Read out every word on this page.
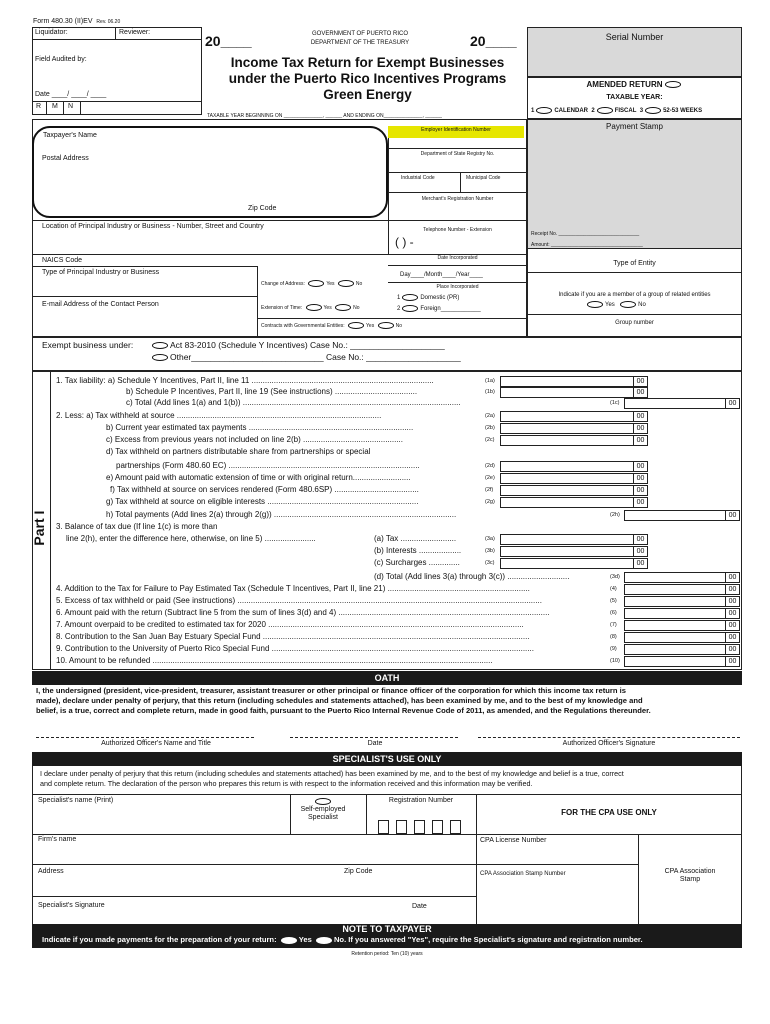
Form 480.30 (II)EV Rev. 06.20
Liquidator:	Reviewer:
Field Audited by:
Date ____/ ____/ ____
R M N
20____	GOVERNMENT OF PUERTO RICO
DEPARTMENT OF THE TREASURY	20____
Income Tax Return for Exempt Businesses
under the Puerto Rico Incentives Programs
Green Energy
TAXABLE YEAR BEGINNING ON ______________, ______ AND ENDING ON______________, ______
Serial Number
AMENDED RETURN
TAXABLE YEAR:
1	CALENDAR 2	FISCAL 3	52-53 WEEKS
Payment Stamp
Receipt No. _____________________________
Amount: _________________________________
Taxpayer's Name
Postal Address
Zip Code
Employer Identification Number
Department of State Registry No.
Industrial Code	Municipal Code
Merchant's Registration Number
Location of Principal Industry or Business - Number, Street and Country	Telephone Number - Extension
( ) -
NAICS Code	Date Incorporated
Day____/Month____/Year____
Type of Entity
Type of Principal Industry or Business
Change of Address:	Yes	No
Place Incorporated
1	Domestic (PR)
2	Foreign____________
Indicate if you are a member of a group of related entities
Yes	No
E-mail Address of the Contact Person	Extension of Time:	Yes	No
Contracts with Governmental Entities:	Yes	No	Group number
Exempt business under:	Act 83-2010 (Schedule Y Incentives) Case No.: ____________________
Other____________________________ Case No.: ____________________
Part I
1. Tax liability: a) Schedule Y Incentives, Part II, line 11 ..................................................................................	(1a)	00
b) Schedule P Incentives, Part II, line 19 (See instructions) .....................................	(1b)	00
c) Total (Add lines 1(a) and 1(b)) ..................................................................................................	(1c)	00
2. Less: a) Tax withheld at source ............................................................................................	(2a)	00
b) Current year estimated tax payments ..........................................................................	(2b)	00
c) Excess from previous years not included on line 2(b) .............................................	(2c)	00
d) Tax withheld on partners distributable share from partnerships or special
partnerships (Form 480.60 EC) ......................................................................................	(2d)	00
e) Amount paid with automatic extension of time or with original return..........................	(2e)	00
f) Tax withheld at source on services rendered (Form 480.6SP) ......................................	(2f)	00
g) Tax withheld at source on eligible interests ....................................................................	(2g)	00
h) Total payments (Add lines 2(a) through 2(g)) ..................................................................................	(2h)	00
3. Balance of tax due (If line 1(c) is more than
line 2(h), enter the difference here, otherwise, on line 5) .......................	(a) Tax .........................	(3a)	00
(b) Interests ...................	(3b)	00
(c) Surcharges ..............	(3c)	00
(d) Total (Add lines 3(a) through 3(c)) ............................	(3d)	00
4. Addition to the Tax for Failure to Pay Estimated Tax (Schedule T Incentives, Part II, line 21) ................................................................	(4)	00
5. Excess of tax withheld or paid (See instructions) .........................................................................................................................................	(5)	00
6. Amount paid with the return (Subtract line 5 from the sum of lines 3(d) and 4) ...............................................................................................	(6)	00
7. Amount overpaid to be credited to estimated tax for 2020 ...................................................................................................................	(7)	00
8. Contribution to the San Juan Bay Estuary Special Fund ........................................................................................................................	(8)	00
9. Contribution to the University of Puerto Rico Special Fund ......................................................................................................................	(9)	00
10. Amount to be refunded .........................................................................................................................................................	(10)	00
OATH
I, the undersigned (president, vice-president, treasurer, assistant treasurer or other principal or finance officer of the corporation for which this income tax return is
made), declare under penalty of perjury, that this return (including schedules and statements attached), has been examined by me, and to the best of my knowledge and
belief, is a true, correct and complete return, made in good faith, pursuant to the Puerto Rico Internal Revenue Code of 2011, as amended, and the Regulations thereunder.
Authorized Officer's Name and Title	Date	Authorized Officer's Signature
SPECIALIST'S USE ONLY
I declare under penalty of perjury that this return (including schedules and statements attached) has been examined by me, and to the best of my knowledge and belief is a true, correct
and complete return. The declaration of the person who prepares this return is with respect to the information received and this information may be verified.
Specialist's name (Print)

Self-employed
Specialist
Registration Number
FOR THE CPA USE ONLY
Firm's name	CPA License Number
Address	Zip Code	CPA Association Stamp Number	CPA Association
Stamp
Specialist's Signature	Date
NOTE TO TAXPAYER
Indicate if you made payments for the preparation of your return:	Yes	No. If you answered "Yes", require the Specialist's signature and registration number.
Retention period: Ten (10) years
